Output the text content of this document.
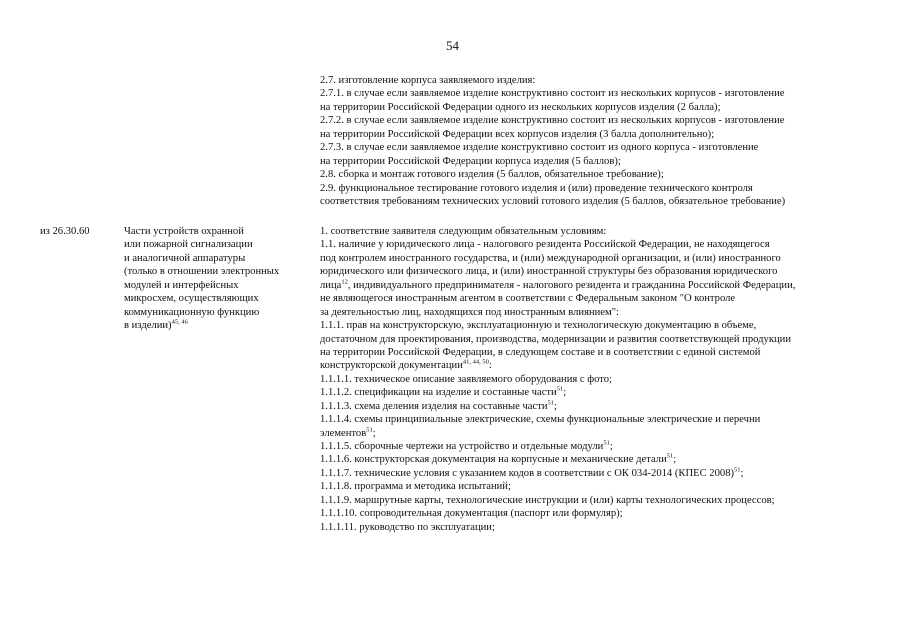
54
2.7. изготовление корпуса заявляемого изделия:
2.7.1. в случае если заявляемое изделие конструктивно состоит из нескольких корпусов - изготовление
на территории Российской Федерации одного из нескольких корпусов изделия (2 балла);
2.7.2. в случае если заявляемое изделие конструктивно состоит из нескольких корпусов - изготовление
на территории Российской Федерации всех корпусов изделия (3 балла дополнительно);
2.7.3. в случае если заявляемое изделие конструктивно состоит из одного корпуса - изготовление
на территории Российской Федерации корпуса изделия (5 баллов);
2.8. сборка и монтаж готового изделия (5 баллов, обязательное требование);
2.9. функциональное тестирование готового изделия и (или) проведение технического контроля
соответствия требованиям технических условий готового изделия (5 баллов, обязательное требование)
из 26.30.60	Части устройств охранной
или пожарной сигнализации
и аналогичной аппаратуры
(только в отношении электронных
модулей и интерфейсных
микросхем, осуществляющих
коммуникационную функцию
в изделии)$^{45, 46}$
1. соответствие заявителя следующим обязательным условиям:
1.1. наличие у юридического лица - налогового резидента Российской Федерации, не находящегося
под контролем иностранного государства, и (или) международной организации, и (или) иностранного
юридического или физического лица, и (или) иностранной структуры без образования юридического
лица$^{12}$, индивидуального предпринимателя - налогового резидента и гражданина Российской Федерации,
не являющегося иностранным агентом в соответствии с Федеральным законом "О контроле
за деятельностью лиц, находящихся под иностранным влиянием":
1.1.1. прав на конструкторскую, эксплуатационную и технологическую документацию в объеме,
достаточном для проектирования, производства, модернизации и развития соответствующей продукции
на территории Российской Федерации, в следующем составе и в соответствии с единой системой
конструкторской документации$^{41, 44, 50}$:
1.1.1.1. техническое описание заявляемого оборудования с фото;
1.1.1.2. спецификации на изделие и составные части$^{51}$;
1.1.1.3. схема деления изделия на составные части$^{51}$;
1.1.1.4. схемы принципиальные электрические, схемы функциональные электрические и перечни
элементов$^{51}$;
1.1.1.5. сборочные чертежи на устройство и отдельные модули$^{51}$;
1.1.1.6. конструкторская документация на корпусные и механические детали$^{51}$;
1.1.1.7. технические условия с указанием кодов в соответствии с ОК 034-2014 (КПЕС 2008)$^{51}$;
1.1.1.8. программа и методика испытаний;
1.1.1.9. маршрутные карты, технологические инструкции и (или) карты технологических процессов;
1.1.1.10. сопроводительная документация (паспорт или формуляр);
1.1.1.11. руководство по эксплуатации;
